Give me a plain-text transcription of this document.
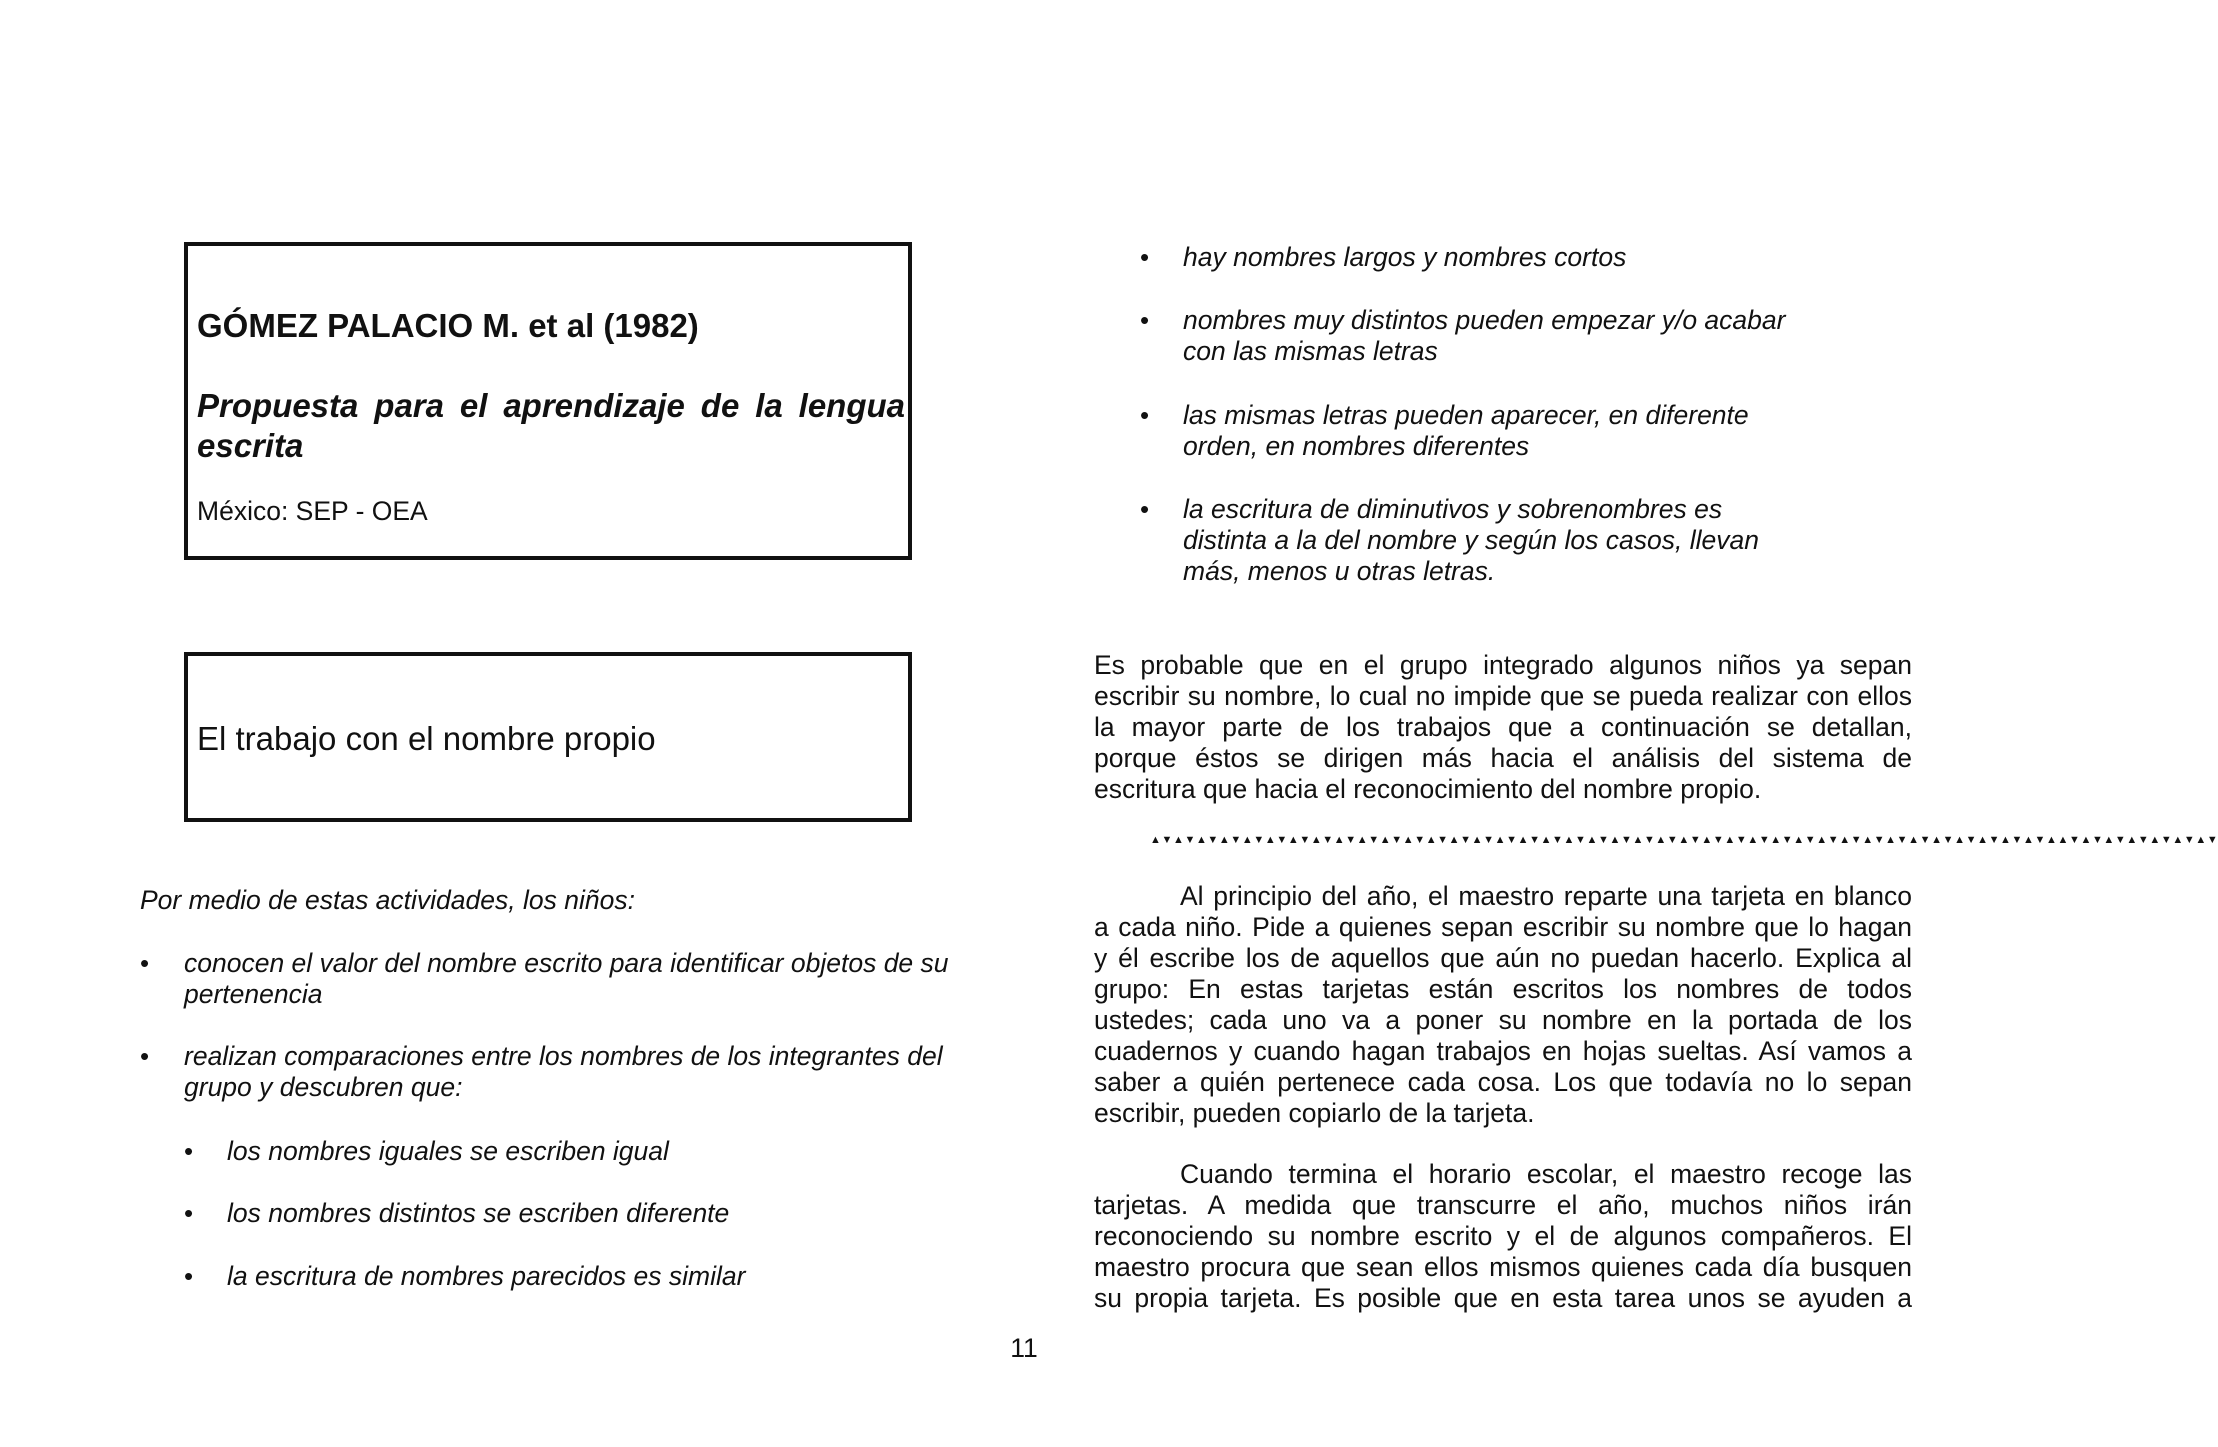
GÓMEZ PALACIO M. et al (1982)
Propuesta para el aprendizaje de la lengua
escrita
México: SEP - OEA
El trabajo con el nombre propio
Por medio de estas actividades, los niños:
• conocen el valor del nombre escrito para identificar objetos de su
pertenencia
• realizan comparaciones entre los nombres de los integrantes del
grupo y descubren que:
• los nombres iguales se escriben igual
• los nombres distintos se escriben diferente
• la escritura de nombres parecidos es similar
• hay nombres largos y nombres cortos
• nombres muy distintos pueden empezar y/o acabar
con las mismas letras
• las mismas letras pueden aparecer, en diferente
orden, en nombres diferentes
• la escritura de diminutivos y sobrenombres es
distinta a la del nombre y según los casos, llevan
más, menos u otras letras.
Es probable que en el grupo integrado algunos niños ya sepan
escribir su nombre, lo cual no impide que se pueda realizar con ellos
la mayor parte de los trabajos que a continuación se detallan,
porque éstos se dirigen más hacia el análisis del sistema de
escritura que hacia el reconocimiento del nombre propio.
▲▼▲▼▲▼▲▼▲▼▲▼▲▼▲▼▲▼▲▼▲▼▲▼▲▼▲▼▲▼▲▼▲▼▲▼▲▼▲▼▲▼▲▼▲▼▲▼▲▼▲▼▲▼▲▼▲▼▲▼▲▼▲▼▲▼▲▼▲▼▲▼▲▼▲▼▲▼▲▲▼▲▼▲▼▲▼▲▼▲▼▲▼
Al principio del año, el maestro reparte una tarjeta en blanco
a cada niño. Pide a quienes sepan escribir su nombre que lo hagan
y él escribe los de aquellos que aún no puedan hacerlo. Explica al
grupo: En estas tarjetas están escritos los nombres de todos
ustedes; cada uno va a poner su nombre en la portada de los
cuadernos y cuando hagan trabajos en hojas sueltas. Así vamos a
saber a quién pertenece cada cosa. Los que todavía no lo sepan
escribir, pueden copiarlo de la tarjeta.
Cuando termina el horario escolar, el maestro recoge las
tarjetas. A medida que transcurre el año, muchos niños irán
reconociendo su nombre escrito y el de algunos compañeros. El
maestro procura que sean ellos mismos quienes cada día busquen
su propia tarjeta. Es posible que en esta tarea unos se ayuden a
11
